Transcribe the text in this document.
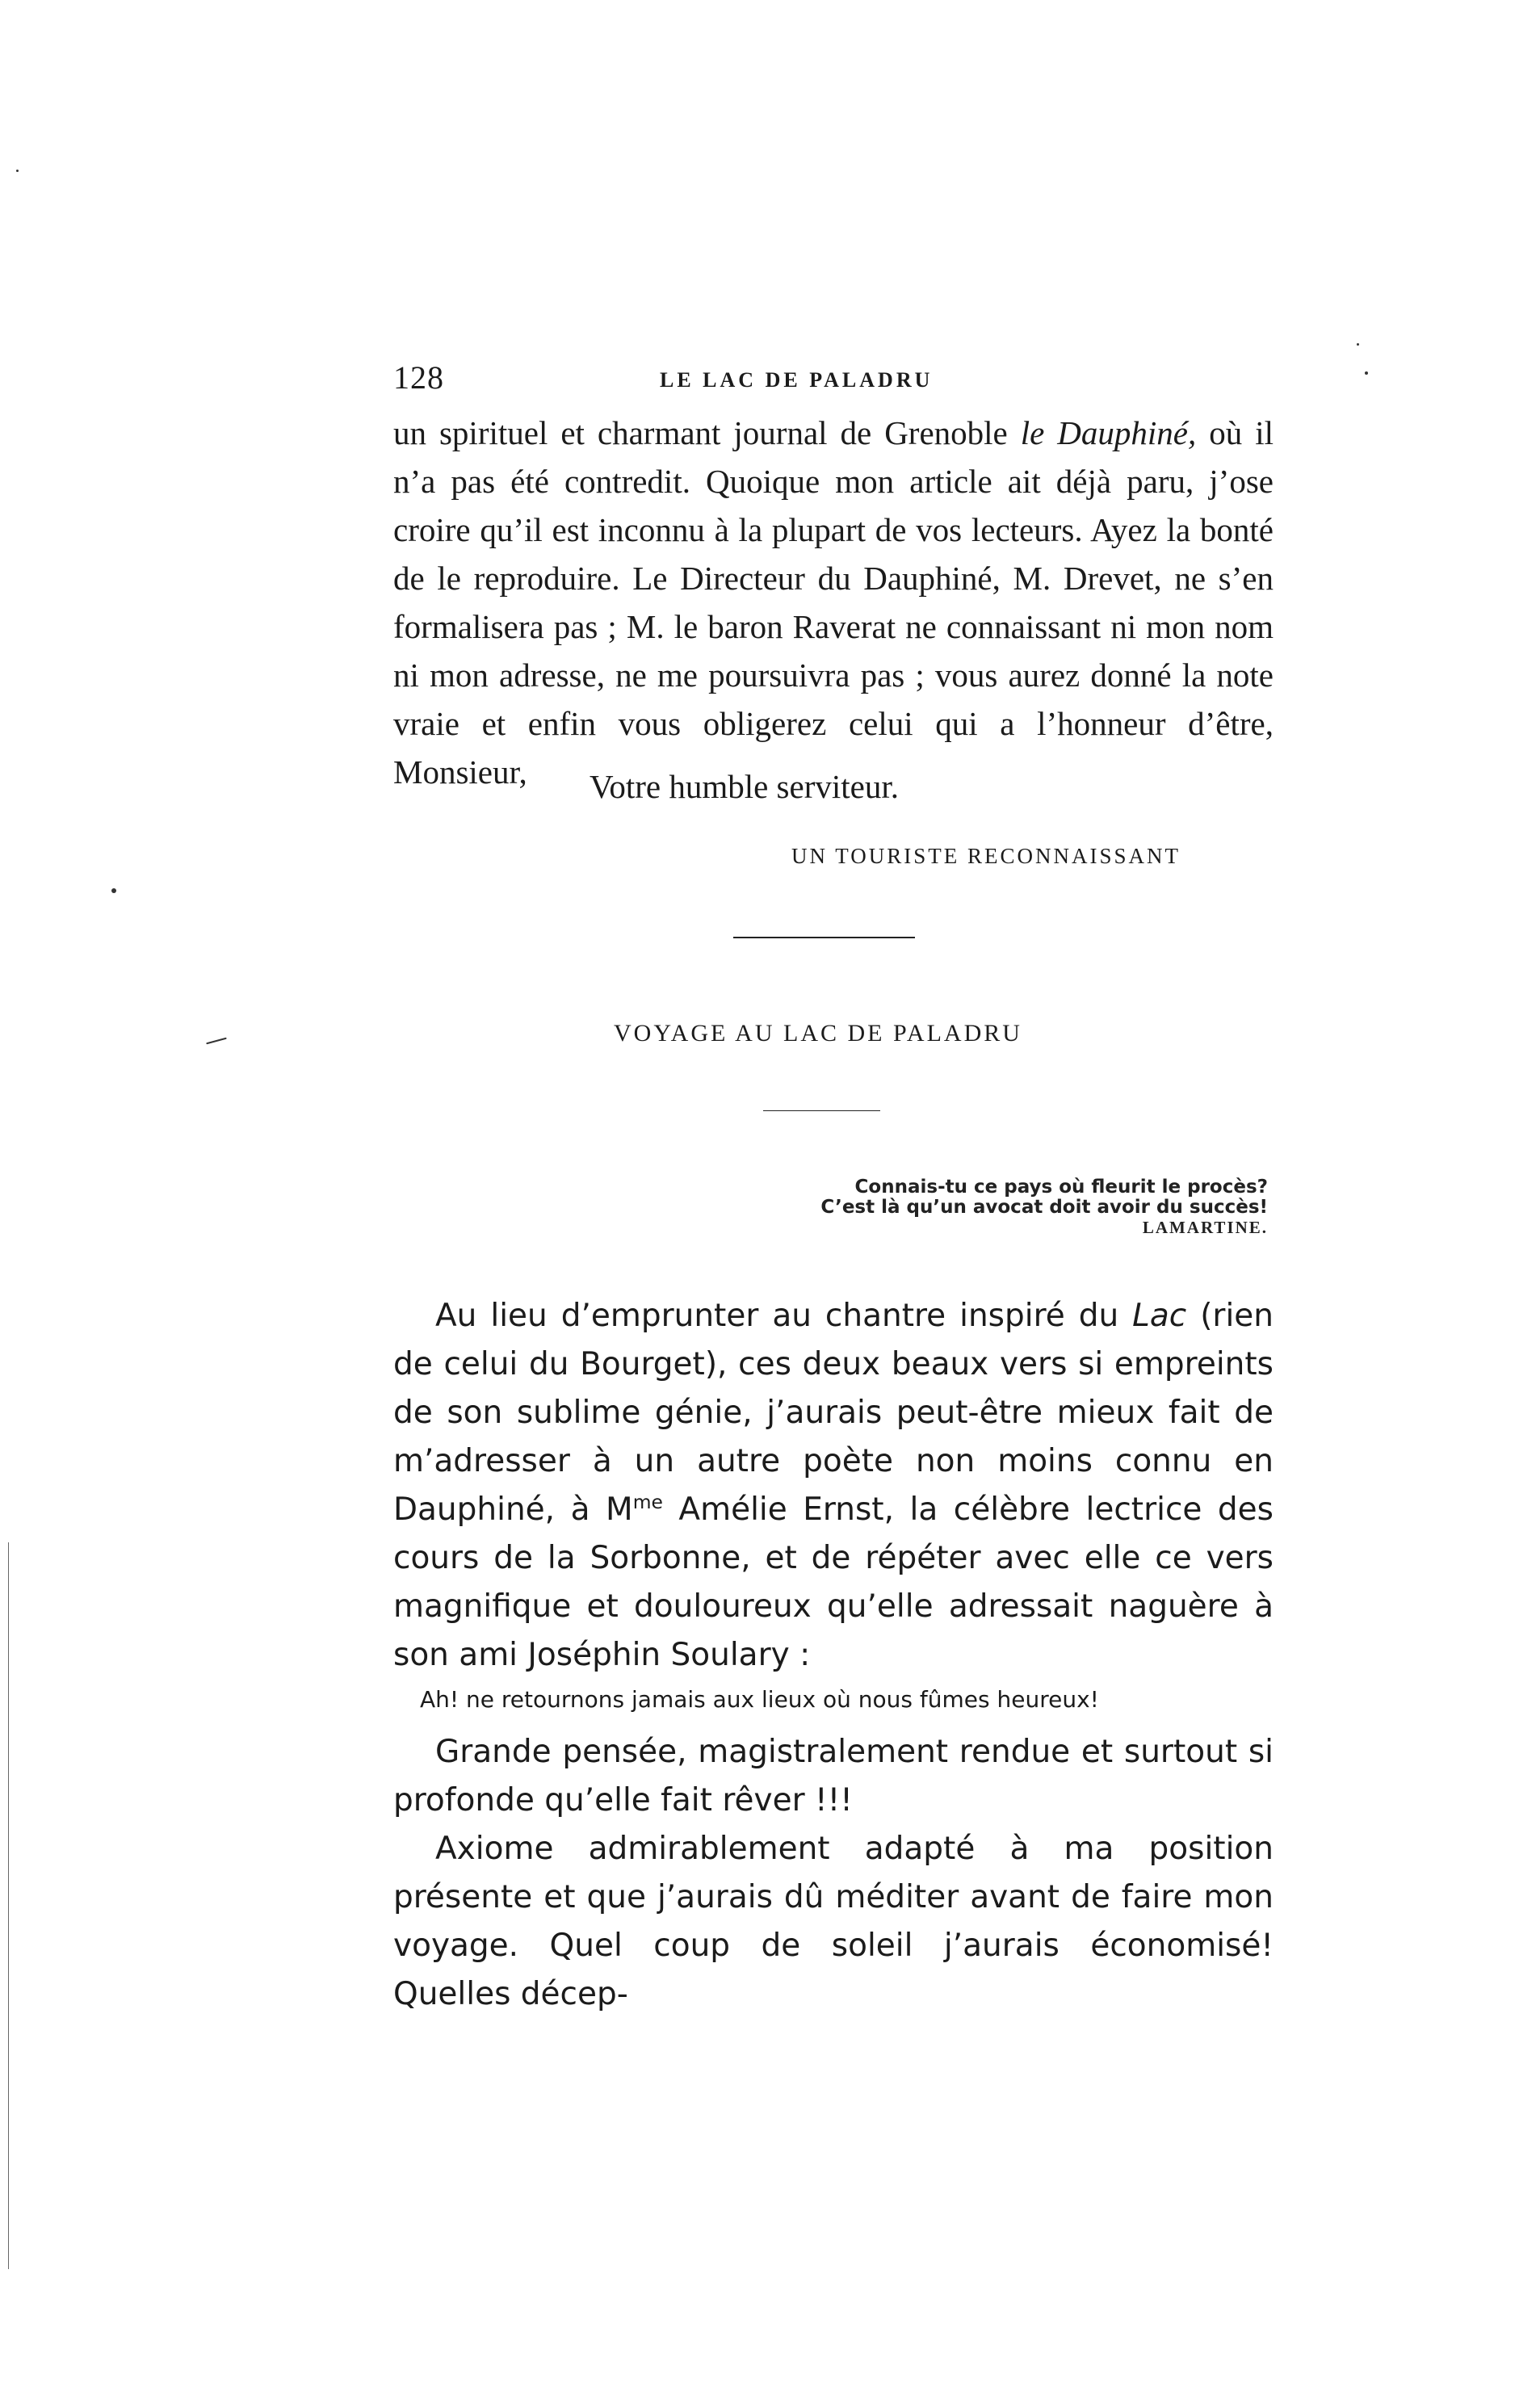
128	LE LAC DE PALADRU

un spirituel et charmant journal de Grenoble le Dauphiné, où il n’a pas été contredit. Quoique mon article ait déjà paru, j’ose croire qu’il est inconnu à la plupart de vos lecteurs. Ayez la bonté de le reproduire. Le Directeur du Dauphiné, M. Drevet, ne s’en formalisera pas ; M. le baron Raverat ne connaissant ni mon nom ni mon adresse, ne me poursuivra pas ; vous aurez donné la note vraie et enfin vous obligerez celui qui a l’honneur d’être, Monsieur,	Votre humble serviteur.
UN TOURISTE RECONNAISSANT
VOYAGE AU LAC DE PALADRU
Connais-tu ce pays où fleurit le procès?
C’est là qu’un avocat doit avoir du succès!
LAMARTINE.

Au lieu d’emprunter au chantre inspiré du Lac (rien de celui du Bourget), ces deux beaux vers si empreints de son sublime génie, j’aurais peut-être mieux fait de m’adresser à un autre poète non moins connu en Dauphiné, à $M^{me}$ Amélie Ernst, la célèbre lectrice des cours de la Sorbonne, et de répéter avec elle ce vers magnifique et douloureux qu’elle adressait naguère à son ami Joséphin Soulary :

Ah! ne retournons jamais aux lieux où nous fûmes heureux!

Grande pensée, magistralement rendue et surtout si profonde qu’elle fait rêver !!!

Axiome admirablement adapté à ma position présente et que j’aurais dû méditer avant de faire mon voyage. Quel coup de soleil j’aurais économisé! Quelles décep-
